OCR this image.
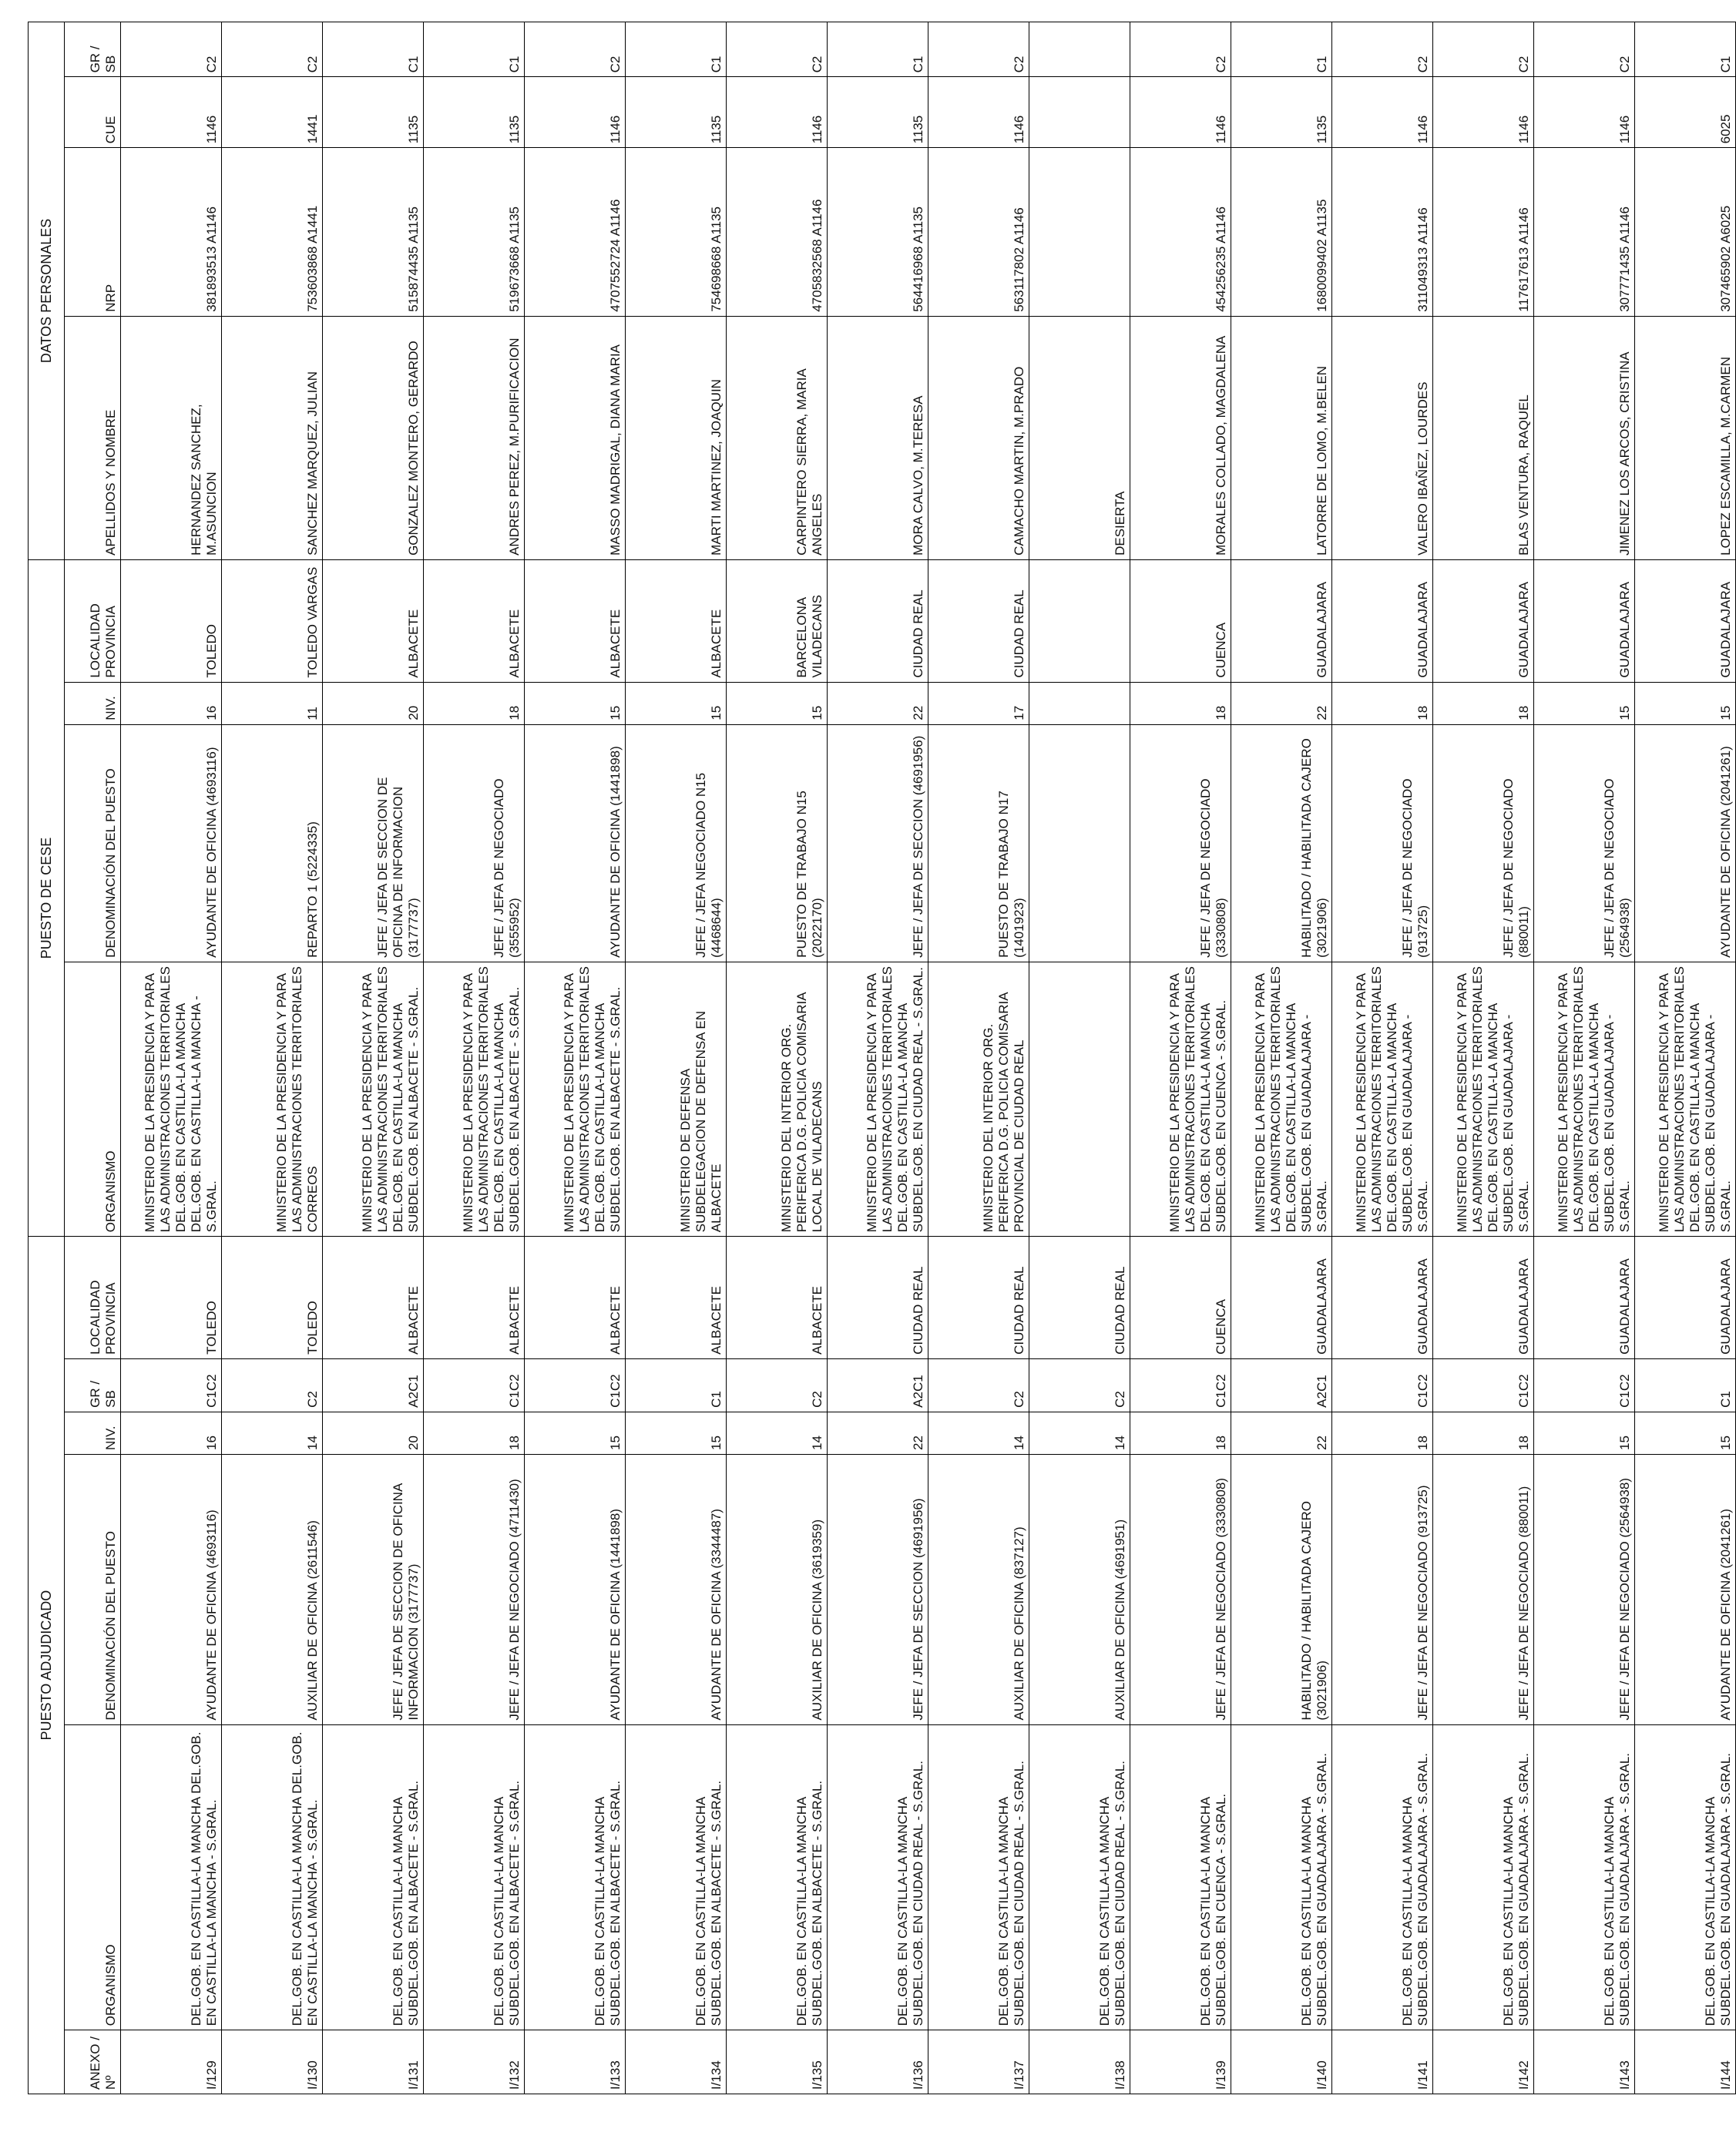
PUESTO ADJUDICADO						PUESTO DE CESE				DATOS PERSONALES			
ANEXO / Nº	ORGANISMO	DENOMINACIÓN DEL PUESTO	NIV.	GR / SB	LOCALIDAD PROVINCIA	ORGANISMO	DENOMINACIÓN DEL PUESTO	NIV.	LOCALIDAD PROVINCIA	APELLIDOS Y NOMBRE	NRP	CUE	GR / SB
I/129	DEL.GOB. EN CASTILLA-LA MANCHA DEL.GOB. EN CASTILLA-LA MANCHA - S.GRAL.	AYUDANTE DE OFICINA (4693116)	16	C1C2	TOLEDO	MINISTERIO DE LA PRESIDENCIA Y PARA LAS ADMINISTRACIONES TERRITORIALES DEL.GOB. EN CASTILLA-LA MANCHA DEL.GOB. EN CASTILLA-LA MANCHA - S.GRAL.	AYUDANTE DE OFICINA (4693116)	16	TOLEDO	HERNANDEZ SANCHEZ, M.ASUNCION	381893513 A1146	1146	C2
I/130	DEL.GOB. EN CASTILLA-LA MANCHA DEL.GOB. EN CASTILLA-LA MANCHA - S.GRAL.	AUXILIAR DE OFICINA (2611546)	14	C2	TOLEDO	MINISTERIO DE LA PRESIDENCIA Y PARA LAS ADMINISTRACIONES TERRITORIALES CORREOS	REPARTO 1 (5224335)	11	TOLEDO VARGAS	SANCHEZ MARQUEZ, JULIAN	753603868 A1441	1441	C2
I/131	DEL.GOB. EN CASTILLA-LA MANCHA SUBDEL.GOB. EN ALBACETE - S.GRAL.	JEFE / JEFA DE SECCION DE OFICINA INFORMACION (3177737)	20	A2C1	ALBACETE	MINISTERIO DE LA PRESIDENCIA Y PARA LAS ADMINISTRACIONES TERRITORIALES DEL.GOB. EN CASTILLA-LA MANCHA SUBDEL.GOB. EN ALBACETE - S.GRAL.	JEFE / JEFA DE SECCION DE OFICINA DE INFORMACION (3177737)	20	ALBACETE	GONZALEZ MONTERO, GERARDO	515874435 A1135	1135	C1
I/132	DEL.GOB. EN CASTILLA-LA MANCHA SUBDEL.GOB. EN ALBACETE - S.GRAL.	JEFE / JEFA DE NEGOCIADO (4711430)	18	C1C2	ALBACETE	MINISTERIO DE LA PRESIDENCIA Y PARA LAS ADMINISTRACIONES TERRITORIALES DEL.GOB. EN CASTILLA-LA MANCHA SUBDEL.GOB. EN ALBACETE - S.GRAL.	JEFE / JEFA DE NEGOCIADO (3555952)	18	ALBACETE	ANDRES PEREZ, M.PURIFICACION	519673668 A1135	1135	C1
I/133	DEL.GOB. EN CASTILLA-LA MANCHA SUBDEL.GOB. EN ALBACETE - S.GRAL.	AYUDANTE DE OFICINA (1441898)	15	C1C2	ALBACETE	MINISTERIO DE LA PRESIDENCIA Y PARA LAS ADMINISTRACIONES TERRITORIALES DEL.GOB. EN CASTILLA-LA MANCHA SUBDEL.GOB. EN ALBACETE - S.GRAL.	AYUDANTE DE OFICINA (1441898)	15	ALBACETE	MASSO MADRIGAL, DIANA MARIA	4707552724 A1146	1146	C2
I/134	DEL.GOB. EN CASTILLA-LA MANCHA SUBDEL.GOB. EN ALBACETE - S.GRAL.	AYUDANTE DE OFICINA (3344487)	15	C1	ALBACETE	MINISTERIO DE DEFENSA SUBDELEGACION DE DEFENSA EN ALBACETE	JEFE / JEFA NEGOCIADO N15 (4468644)	15	ALBACETE	MARTI MARTINEZ, JOAQUIN	754698668 A1135	1135	C1
I/135	DEL.GOB. EN CASTILLA-LA MANCHA SUBDEL.GOB. EN ALBACETE - S.GRAL.	AUXILIAR DE OFICINA (3619359)	14	C2	ALBACETE	MINISTERIO DEL INTERIOR ORG. PERIFERICA D.G. POLICIA COMISARIA LOCAL DE VILADECANS	PUESTO DE TRABAJO N15 (2022170)	15	BARCELONA VILADECANS	CARPINTERO SIERRA, MARIA ANGELES	4705832568 A1146	1146	C2
I/136	DEL.GOB. EN CASTILLA-LA MANCHA SUBDEL.GOB. EN CIUDAD REAL - S.GRAL.	JEFE / JEFA DE SECCION (4691956)	22	A2C1	CIUDAD REAL	MINISTERIO DE LA PRESIDENCIA Y PARA LAS ADMINISTRACIONES TERRITORIALES DEL.GOB. EN CASTILLA-LA MANCHA SUBDEL.GOB. EN CIUDAD REAL - S.GRAL.	JEFE / JEFA DE SECCION (4691956)	22	CIUDAD REAL	MORA CALVO, M.TERESA	564416968 A1135	1135	C1
I/137	DEL.GOB. EN CASTILLA-LA MANCHA SUBDEL.GOB. EN CIUDAD REAL - S.GRAL.	AUXILIAR DE OFICINA (837127)	14	C2	CIUDAD REAL	MINISTERIO DEL INTERIOR ORG. PERIFERICA D.G. POLICIA COMISARIA PROVINCIAL DE CIUDAD REAL	PUESTO DE TRABAJO N17 (1401923)	17	CIUDAD REAL	CAMACHO MARTIN, M.PRADO	563117802 A1146	1146	C2
I/138	DEL.GOB. EN CASTILLA-LA MANCHA SUBDEL.GOB. EN CIUDAD REAL - S.GRAL.	AUXILIAR DE OFICINA (4691951)	14	C2	CIUDAD REAL					DESIERTA			
I/139	DEL.GOB. EN CASTILLA-LA MANCHA SUBDEL.GOB. EN CUENCA - S.GRAL.	JEFE / JEFA DE NEGOCIADO (3330808)	18	C1C2	CUENCA	MINISTERIO DE LA PRESIDENCIA Y PARA LAS ADMINISTRACIONES TERRITORIALES DEL.GOB. EN CASTILLA-LA MANCHA SUBDEL.GOB. EN CUENCA - S.GRAL.	JEFE / JEFA DE NEGOCIADO (3330808)	18	CUENCA	MORALES COLLADO, MAGDALENA	454256235 A1146	1146	C2
I/140	DEL.GOB. EN CASTILLA-LA MANCHA SUBDEL.GOB. EN GUADALAJARA - S.GRAL.	HABILITADO / HABILITADA CAJERO (3021906)	22	A2C1	GUADALAJARA	MINISTERIO DE LA PRESIDENCIA Y PARA LAS ADMINISTRACIONES TERRITORIALES DEL.GOB. EN CASTILLA-LA MANCHA SUBDEL.GOB. EN GUADALAJARA - S.GRAL.	HABILITADO / HABILITADA CAJERO (3021906)	22	GUADALAJARA	LATORRE DE LOMO, M.BELEN	1680099402 A1135	1135	C1
I/141	DEL.GOB. EN CASTILLA-LA MANCHA SUBDEL.GOB. EN GUADALAJARA - S.GRAL.	JEFE / JEFA DE NEGOCIADO (913725)	18	C1C2	GUADALAJARA	MINISTERIO DE LA PRESIDENCIA Y PARA LAS ADMINISTRACIONES TERRITORIALES DEL.GOB. EN CASTILLA-LA MANCHA SUBDEL.GOB. EN GUADALAJARA - S.GRAL.	JEFE / JEFA DE NEGOCIADO (913725)	18	GUADALAJARA	VALERO IBAÑEZ, LOURDES	311049313 A1146	1146	C2
I/142	DEL.GOB. EN CASTILLA-LA MANCHA SUBDEL.GOB. EN GUADALAJARA - S.GRAL.	JEFE / JEFA DE NEGOCIADO (880011)	18	C1C2	GUADALAJARA	MINISTERIO DE LA PRESIDENCIA Y PARA LAS ADMINISTRACIONES TERRITORIALES DEL.GOB. EN CASTILLA-LA MANCHA SUBDEL.GOB. EN GUADALAJARA - S.GRAL.	JEFE / JEFA DE NEGOCIADO (880011)	18	GUADALAJARA	BLAS VENTURA, RAQUEL	117617613 A1146	1146	C2
I/143	DEL.GOB. EN CASTILLA-LA MANCHA SUBDEL.GOB. EN GUADALAJARA - S.GRAL.	JEFE / JEFA DE NEGOCIADO (2564938)	15	C1C2	GUADALAJARA	MINISTERIO DE LA PRESIDENCIA Y PARA LAS ADMINISTRACIONES TERRITORIALES DEL.GOB. EN CASTILLA-LA MANCHA SUBDEL.GOB. EN GUADALAJARA - S.GRAL.	JEFE / JEFA DE NEGOCIADO (2564938)	15	GUADALAJARA	JIMENEZ LOS ARCOS, CRISTINA	307771435 A1146	1146	C2
I/144	DEL.GOB. EN CASTILLA-LA MANCHA SUBDEL.GOB. EN GUADALAJARA - S.GRAL.	AYUDANTE DE OFICINA (2041261)	15	C1	GUADALAJARA	MINISTERIO DE LA PRESIDENCIA Y PARA LAS ADMINISTRACIONES TERRITORIALES DEL.GOB. EN CASTILLA-LA MANCHA SUBDEL.GOB. EN GUADALAJARA - S.GRAL.	AYUDANTE DE OFICINA (2041261)	15	GUADALAJARA	LOPEZ ESCAMILLA, M.CARMEN	307465902 A6025	6025	C1
